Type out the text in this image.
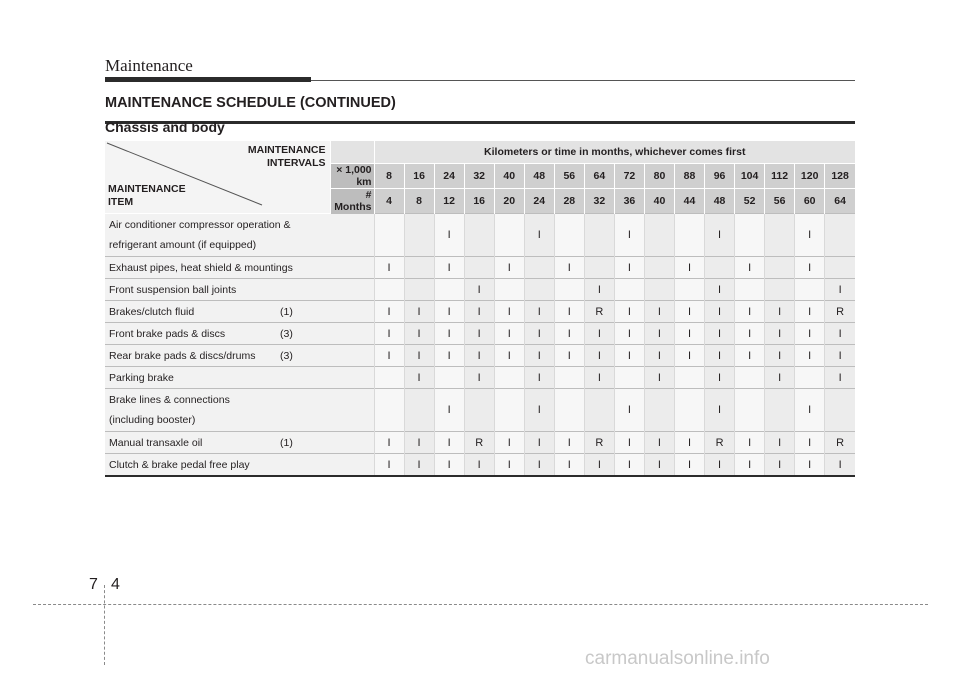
Maintenance
MAINTENANCE SCHEDULE (CONTINUED)
Chassis and body
MAINTENANCE
INTERVALS
MAINTENANCE
ITEM		Kilometers or time in months, whichever comes first															
	× 1,000 km	8	16	24	32	40	48	56	64	72	80	88	96	104	112	120	128
	# Months	4	8	12	16	20	24	28	32	36	40	44	48	52	56	60	64
Air conditioner compressor operation &
refrigerant amount (if equipped)				I			I			I			I			I	
Exhaust pipes, heat shield & mountings		I		I		I		I		I		I		I		I	
Front suspension ball joints					I				I				I				I
Brakes/clutch fluid (1)		I	I	I	I	I	I	I	R	I	I	I	I	I	I	I	R
Front brake pads & discs (3)		I	I	I	I	I	I	I	I	I	I	I	I	I	I	I	I
Rear brake pads & discs/drums (3)		I	I	I	I	I	I	I	I	I	I	I	I	I	I	I	I
Parking brake			I		I		I		I		I		I		I		I
Brake lines & connections
(including booster)				I			I			I			I			I	
Manual transaxle oil (1)		I	I	I	R	I	I	I	R	I	I	I	R	I	I	I	R
Clutch & brake pedal free play		I	I	I	I	I	I	I	I	I	I	I	I	I	I	I	I
7 4
carmanualsonline.info
